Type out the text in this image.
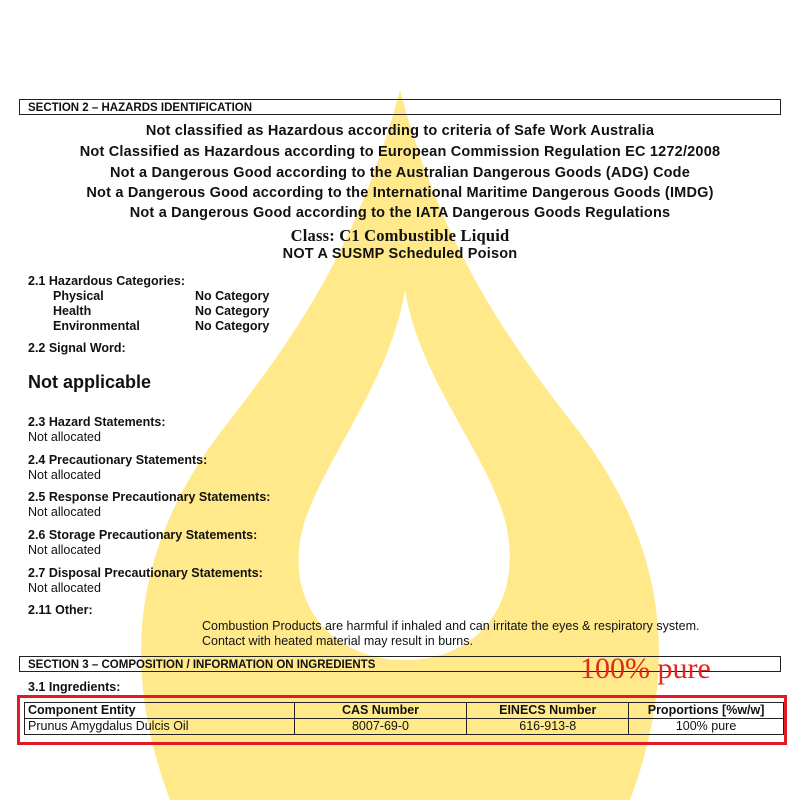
SECTION 2 – HAZARDS IDENTIFICATION
Not classified as Hazardous according to criteria of Safe Work Australia
Not Classified as Hazardous according to European Commission Regulation EC 1272/2008
Not a Dangerous Good according to the Australian Dangerous Goods (ADG) Code
Not a Dangerous Good according to the International Maritime Dangerous Goods (IMDG)
Not a Dangerous Good according to the IATA Dangerous Goods Regulations
Class: C1 Combustible Liquid
NOT A SUSMP Scheduled Poison
2.1 Hazardous Categories:
Physical	No Category
Health	No Category
Environmental	No Category
2.2 Signal Word:
Not applicable
2.3 Hazard Statements:
Not allocated
2.4 Precautionary Statements:
Not allocated
2.5 Response Precautionary Statements:
Not allocated
2.6 Storage Precautionary Statements:
Not allocated
2.7 Disposal Precautionary Statements:
Not allocated
2.11 Other:
Combustion Products are harmful if inhaled and can irritate the eyes & respiratory system.
Contact with heated material may result in burns.
SECTION 3 – COMPOSITION / INFORMATION ON INGREDIENTS	100% pure
3.1 Ingredients:
Component Entity	CAS Number	EINECS Number	Proportions [%w/w]
Prunus Amygdalus Dulcis Oil	8007-69-0	616-913-8	100% pure
